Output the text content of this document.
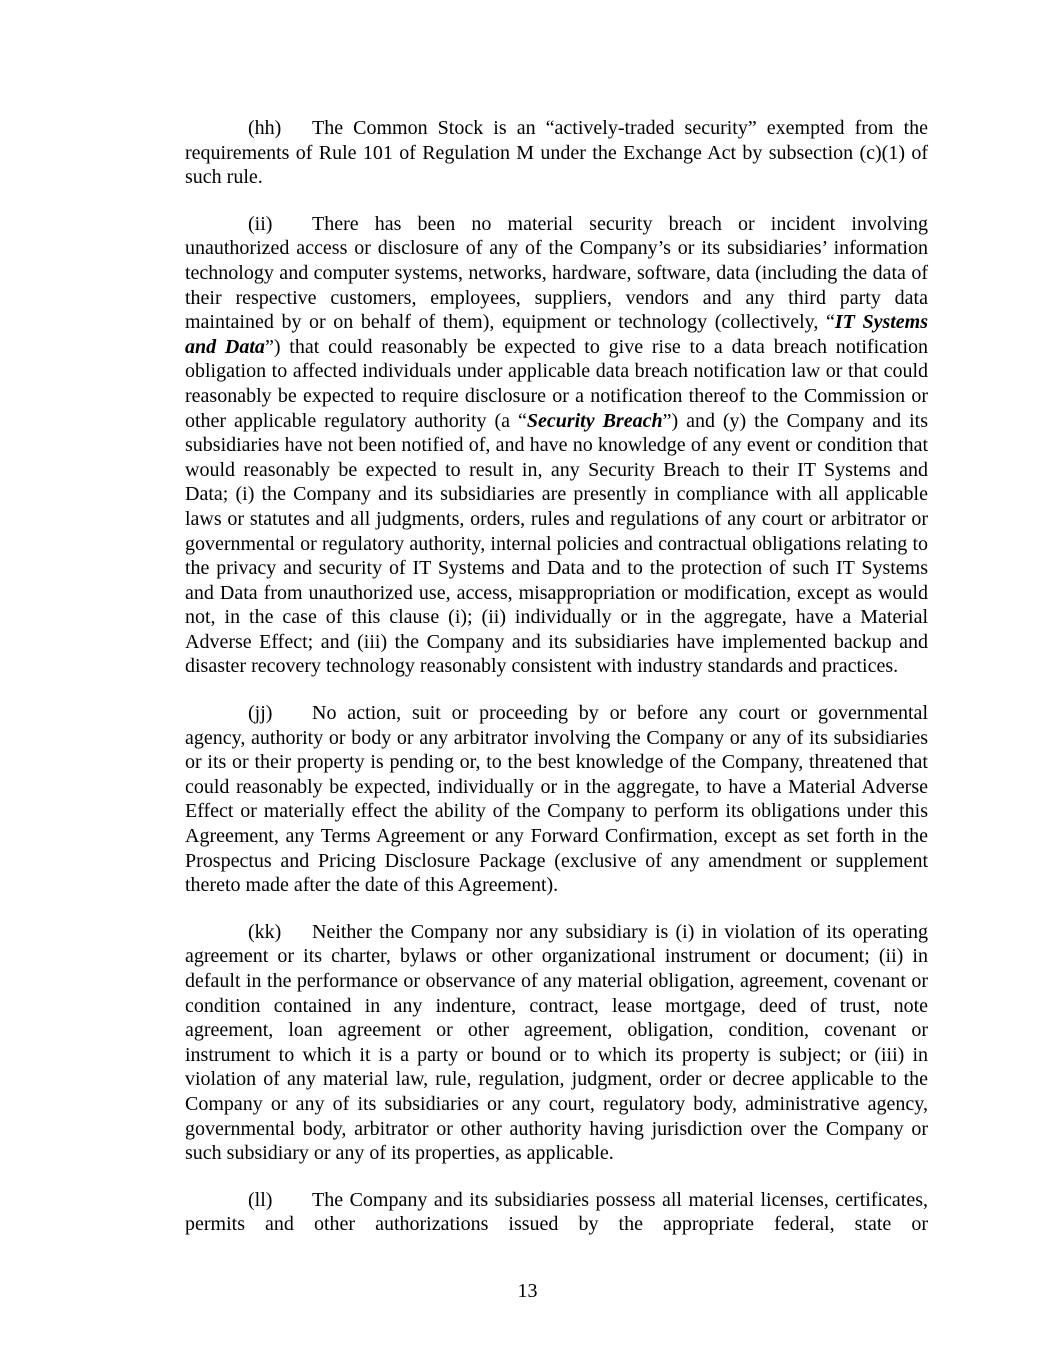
(hh) The Common Stock is an “actively-traded security” exempted from the requirements of Rule 101 of Regulation M under the Exchange Act by subsection (c)(1) of such rule.

(ii) There has been no material security breach or incident involving unauthorized access or disclosure of any of the Company’s or its subsidiaries’ information technology and computer systems, networks, hardware, software, data (including the data of their respective customers, employees, suppliers, vendors and any third party data maintained by or on behalf of them), equipment or technology (collectively, “IT Systems and Data”) that could reasonably be expected to give rise to a data breach notification obligation to affected individuals under applicable data breach notification law or that could reasonably be expected to require disclosure or a notification thereof to the Commission or other applicable regulatory authority (a “Security Breach”) and (y) the Company and its subsidiaries have not been notified of, and have no knowledge of any event or condition that would reasonably be expected to result in, any Security Breach to their IT Systems and Data; (i) the Company and its subsidiaries are presently in compliance with all applicable laws or statutes and all judgments, orders, rules and regulations of any court or arbitrator or governmental or regulatory authority, internal policies and contractual obligations relating to the privacy and security of IT Systems and Data and to the protection of such IT Systems and Data from unauthorized use, access, misappropriation or modification, except as would not, in the case of this clause (i); (ii) individually or in the aggregate, have a Material Adverse Effect; and (iii) the Company and its subsidiaries have implemented backup and disaster recovery technology reasonably consistent with industry standards and practices.

(jj) No action, suit or proceeding by or before any court or governmental agency, authority or body or any arbitrator involving the Company or any of its subsidiaries or its or their property is pending or, to the best knowledge of the Company, threatened that could reasonably be expected, individually or in the aggregate, to have a Material Adverse Effect or materially effect the ability of the Company to perform its obligations under this Agreement, any Terms Agreement or any Forward Confirmation, except as set forth in the Prospectus and Pricing Disclosure Package (exclusive of any amendment or supplement thereto made after the date of this Agreement).

(kk) Neither the Company nor any subsidiary is (i) in violation of its operating agreement or its charter, bylaws or other organizational instrument or document; (ii) in default in the performance or observance of any material obligation, agreement, covenant or condition contained in any indenture, contract, lease mortgage, deed of trust, note agreement, loan agreement or other agreement, obligation, condition, covenant or instrument to which it is a party or bound or to which its property is subject; or (iii) in violation of any material law, rule, regulation, judgment, order or decree applicable to the Company or any of its subsidiaries or any court, regulatory body, administrative agency, governmental body, arbitrator or other authority having jurisdiction over the Company or such subsidiary or any of its properties, as applicable.

(ll) The Company and its subsidiaries possess all material licenses, certificates, permits and other authorizations issued by the appropriate federal, state or

13
